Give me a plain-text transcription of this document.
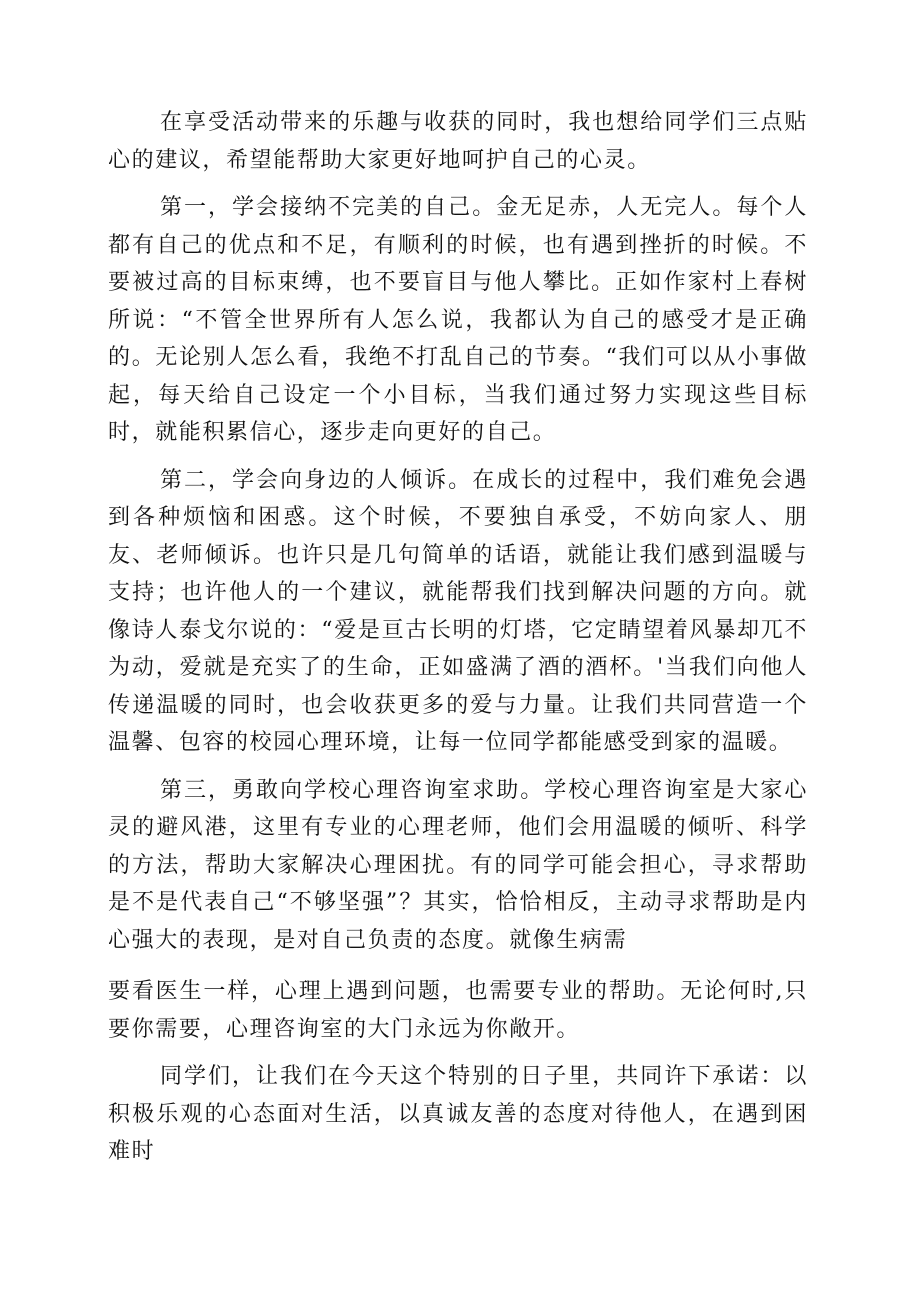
在享受活动带来的乐趣与收获的同时，我也想给同学们三点贴心的建议，希望能帮助大家更好地呵护自己的心灵。

第一，学会接纳不完美的自己。金无足赤，人无完人。每个人都有自己的优点和不足，有顺利的时候，也有遇到挫折的时候。不要被过高的目标束缚，也不要盲目与他人攀比。正如作家村上春树所说：“不管全世界所有人怎么说，我都认为自己的感受才是正确的。无论别人怎么看，我绝不打乱自己的节奏。“我们可以从小事做起，每天给自己设定一个小目标，当我们通过努力实现这些目标时，就能积累信心，逐步走向更好的自己。

第二，学会向身边的人倾诉。在成长的过程中，我们难免会遇到各种烦恼和困惑。这个时候，不要独自承受，不妨向家人、朋友、老师倾诉。也许只是几句简单的话语，就能让我们感到温暖与支持；也许他人的一个建议，就能帮我们找到解决问题的方向。就像诗人泰戈尔说的：“爱是亘古长明的灯塔，它定睛望着风暴却兀不为动，爱就是充实了的生命，正如盛满了酒的酒杯。'当我们向他人传递温暖的同时，也会收获更多的爱与力量。让我们共同营造一个温馨、包容的校园心理环境，让每一位同学都能感受到家的温暖。

第三，勇敢向学校心理咨询室求助。学校心理咨询室是大家心灵的避风港，这里有专业的心理老师，他们会用温暖的倾听、科学的方法，帮助大家解决心理困扰。有的同学可能会担心，寻求帮助是不是代表自己“不够坚强”？其实，恰恰相反，主动寻求帮助是内心强大的表现，是对自己负责的态度。就像生病需

要看医生一样，心理上遇到问题，也需要专业的帮助。无论何时,只要你需要，心理咨询室的大门永远为你敞开。

同学们，让我们在今天这个特别的日子里，共同许下承诺：以积极乐观的心态面对生活，以真诚友善的态度对待他人，在遇到困难时
